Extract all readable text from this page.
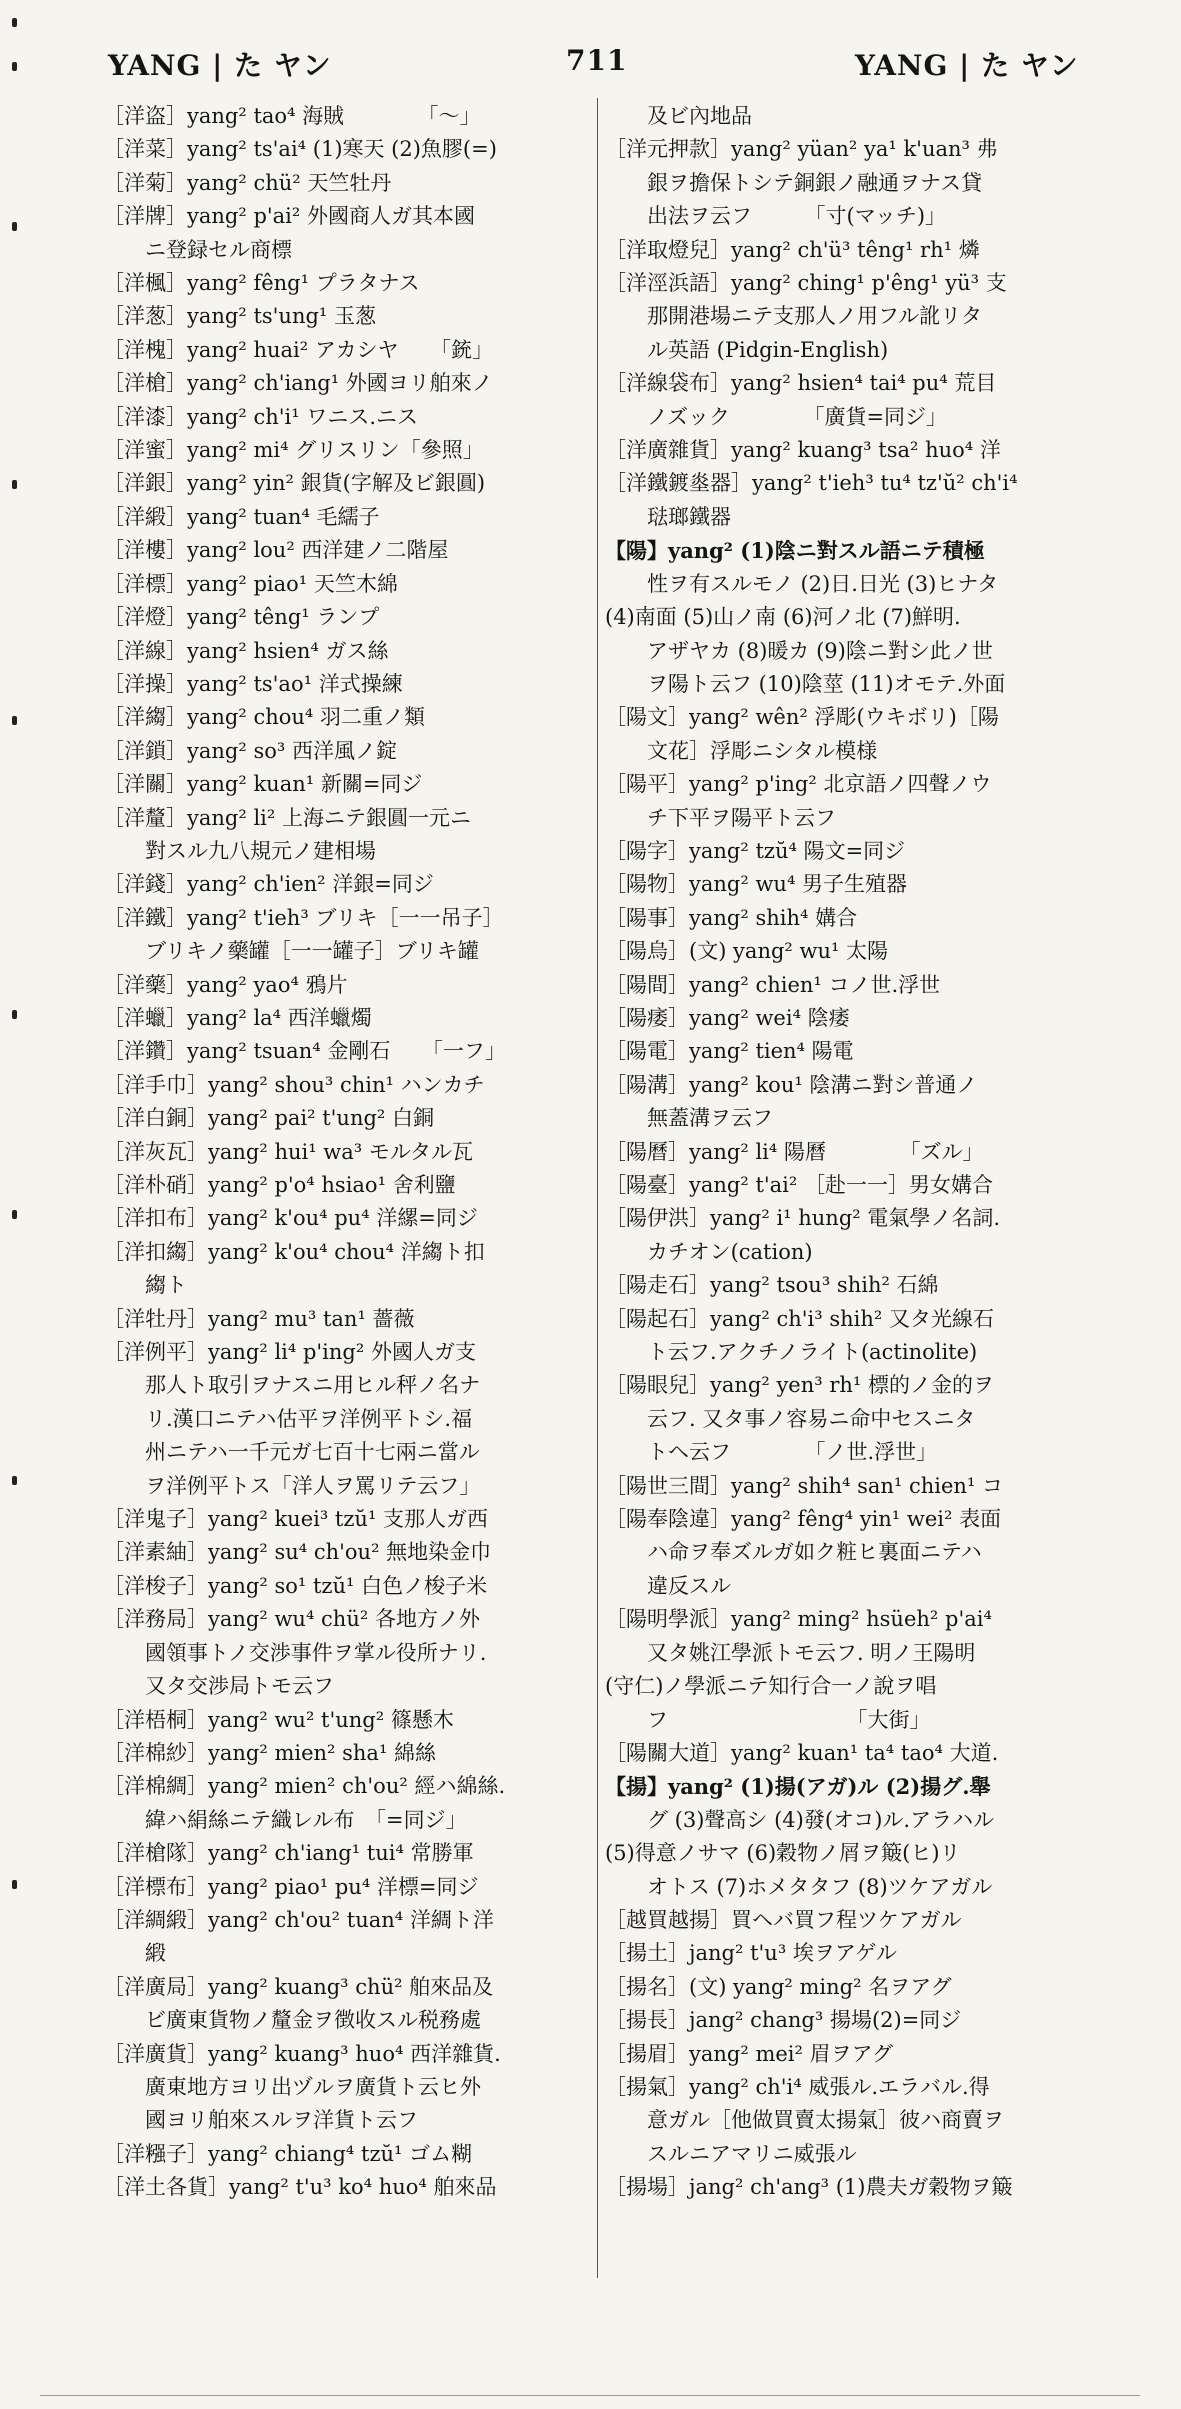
YANG | た ヤン	711	YANG | た ヤン
［洋盗］yang² tao⁴ 海賊　　　　「〜」
［洋菜］yang² ts'ai⁴ (1)寒天 (2)魚膠(=)
［洋菊］yang² chü² 天竺牡丹
［洋牌］yang² p'ai² 外國商人ガ其本國
ニ登録セル商標
［洋楓］yang² fêng¹ プラタナス
［洋葱］yang² ts'ung¹ 玉葱
［洋槐］yang² huai² アカシヤ　　「銃」
［洋槍］yang² ch'iang¹ 外國ヨリ舶來ノ
［洋漆］yang² ch'i¹ ワニス.ニス
［洋蜜］yang² mi⁴ グリスリン「參照」
［洋銀］yang² yin² 銀貨(字解及ビ銀圓)
［洋緞］yang² tuan⁴ 毛繻子
［洋樓］yang² lou² 西洋建ノ二階屋
［洋標］yang² piao¹ 天竺木綿
［洋燈］yang² têng¹ ランプ
［洋線］yang² hsien⁴ ガス絲
［洋操］yang² ts'ao¹ 洋式操練
［洋縐］yang² chou⁴ 羽二重ノ類
［洋鎖］yang² so³ 西洋風ノ錠
［洋關］yang² kuan¹ 新關=同ジ
［洋釐］yang² li² 上海ニテ銀圓一元ニ
對スル九八規元ノ建相場
［洋錢］yang² ch'ien² 洋銀=同ジ
［洋鐵］yang² t'ieh³ ブリキ［一一吊子］
ブリキノ藥罐［一一罐子］ブリキ罐
［洋藥］yang² yao⁴ 鴉片
［洋蠟］yang² la⁴ 西洋蠟燭
［洋鑽］yang² tsuan⁴ 金剛石　　「一フ」
［洋手巾］yang² shou³ chin¹ ハンカチ
［洋白銅］yang² pai² t'ung² 白銅
［洋灰瓦］yang² hui¹ wa³ モルタル瓦
［洋朴硝］yang² p'o⁴ hsiao¹ 舍利鹽
［洋扣布］yang² k'ou⁴ pu⁴ 洋縲=同ジ
［洋扣縐］yang² k'ou⁴ chou⁴ 洋縐ト扣
縐ト
［洋牡丹］yang² mu³ tan¹ 薔薇
［洋例平］yang² li⁴ p'ing² 外國人ガ支
那人ト取引ヲナスニ用ヒル秤ノ名ナ
リ.漢口ニテハ估平ヲ洋例平トシ.福
州ニテハ一千元ガ七百十七兩ニ當ル
ヲ洋例平トス「洋人ヲ罵リテ云フ」
［洋鬼子］yang² kuei³ tzŭ¹ 支那人ガ西
［洋素紬］yang² su⁴ ch'ou² 無地染金巾
［洋梭子］yang² so¹ tzŭ¹ 白色ノ梭子米
［洋務局］yang² wu⁴ chü² 各地方ノ外
國領事トノ交渉事件ヲ掌ル役所ナリ.
又タ交渉局トモ云フ
［洋梧桐］yang² wu² t'ung² 篠懸木
［洋棉紗］yang² mien² sha¹ 綿絲
［洋棉綢］yang² mien² ch'ou² 經ハ綿絲.
緯ハ絹絲ニテ織レル布　「=同ジ」
［洋槍隊］yang² ch'iang¹ tui⁴ 常勝軍
［洋標布］yang² piao¹ pu⁴ 洋標=同ジ
［洋綢緞］yang² ch'ou² tuan⁴ 洋綢ト洋
緞
［洋廣局］yang² kuang³ chü² 舶來品及
ビ廣東貨物ノ釐金ヲ徴收スル税務處
［洋廣貨］yang² kuang³ huo⁴ 西洋雜貨.
廣東地方ヨリ出ヅルヲ廣貨ト云ヒ外
國ヨリ舶來スルヲ洋貨ト云フ
［洋糨子］yang² chiang⁴ tzŭ¹ ゴム糊
［洋土各貨］yang² t'u³ ko⁴ huo⁴ 舶來品
及ビ內地品
［洋元押款］yang² yüan² ya¹ k'uan³ 弗
銀ヲ擔保トシテ銅銀ノ融通ヲナス貸
出法ヲ云フ　　　「寸(マッチ)」
［洋取燈兒］yang² ch'ü³ têng¹ rh¹ 燐
［洋涇浜語］yang² ching¹ p'êng¹ yü³ 支
那開港場ニテ支那人ノ用フル訛リタ
ル英語 (Pidgin-English)
［洋線袋布］yang² hsien⁴ tai⁴ pu⁴ 荒目
ノズック　　　　「廣貨=同ジ」
［洋廣雜貨］yang² kuang³ tsa² huo⁴ 洋
［洋鐵鍍烾器］yang² t'ieh³ tu⁴ tz'ŭ² ch'i⁴
琺瑯鐵器
【陽】yang² (1)陰ニ對スル語ニテ積極
性ヲ有スルモノ (2)日.日光 (3)ヒナタ
(4)南面 (5)山ノ南 (6)河ノ北 (7)鮮明.
アザヤカ (8)暖カ (9)陰ニ對シ此ノ世
ヲ陽ト云フ (10)陰莖 (11)オモテ.外面
［陽文］yang² wên² 浮彫(ウキボリ)［陽
文花］浮彫ニシタル模様
［陽平］yang² p'ing² 北京語ノ四聲ノウ
チ下平ヲ陽平ト云フ
［陽字］yang² tzŭ⁴ 陽文=同ジ
［陽物］yang² wu⁴ 男子生殖器
［陽事］yang² shih⁴ 媾合
［陽烏］(文) yang² wu¹ 太陽
［陽間］yang² chien¹ コノ世.浮世
［陽痿］yang² wei⁴ 陰痿
［陽電］yang² tien⁴ 陽電
［陽溝］yang² kou¹ 陰溝ニ對シ普通ノ
無蓋溝ヲ云フ
［陽曆］yang² li⁴ 陽曆　　　　「ズル」
［陽臺］yang² t'ai² ［赴一一］男女媾合
［陽伊洪］yang² i¹ hung² 電氣學ノ名詞.
カチオン(cation)
［陽走石］yang² tsou³ shih² 石綿
［陽起石］yang² ch'i³ shih² 又タ光線石
ト云フ.アクチノライト(actinolite)
［陽眼兒］yang² yen³ rh¹ 標的ノ金的ヲ
云フ. 又タ事ノ容易ニ命中セスニタ
トヘ云フ　　　　「ノ世.浮世」
［陽世三間］yang² shih⁴ san¹ chien¹ コ
［陽奉陰違］yang² fêng⁴ yin¹ wei² 表面
ハ命ヲ奉ズルガ如ク粧ヒ裏面ニテハ
違反スル
［陽明學派］yang² ming² hsüeh² p'ai⁴
又タ姚江學派トモ云フ. 明ノ王陽明
(守仁)ノ學派ニテ知行合一ノ說ヲ唱
フ　　　　　　　　　「大街」
［陽關大道］yang² kuan¹ ta⁴ tao⁴ 大道.
【揚】yang² (1)揚(アガ)ル (2)揚グ.舉
グ (3)聲高シ (4)發(オコ)ル.アラハル
(5)得意ノサマ (6)穀物ノ屑ヲ簸(ヒ)リ
オトス (7)ホメタタフ (8)ツケアガル
［越買越揚］買ヘバ買フ程ツケアガル
［揚土］jang² t'u³ 埃ヲアゲル
［揚名］(文) yang² ming² 名ヲアグ
［揚長］jang² chang³ 揚場(2)=同ジ
［揚眉］yang² mei² 眉ヲアグ
［揚氣］yang² ch'i⁴ 威張ル.エラバル.得
意ガル［他做買賣太揚氣］彼ハ商賣ヲ
スルニアマリニ威張ル
［揚場］jang² ch'ang³ (1)農夫ガ穀物ヲ簸
